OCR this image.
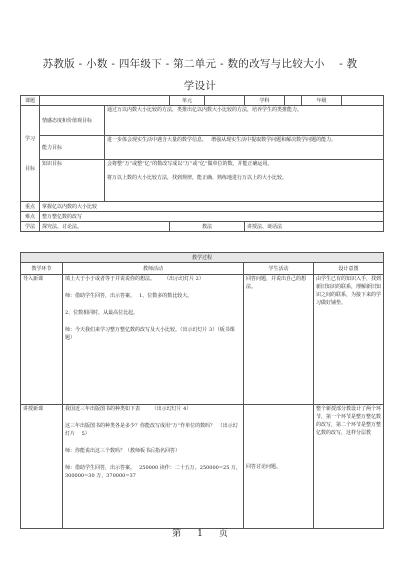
苏教版 - 小数 - 四年级下 - 第二单元 - 数的改写与比较大小　 - 教
学设计
课题			单元		学科		年级	

学习

目标	情感态度和价值观目标	通过万以内数大小比较的方法，类推出亿以内数大小比较的方法，培养学生的类推能力。						
	能力目标	进一步体会现实生活中遇含大量的数学信息，　 增强从现实生活中提取数学问题和解决数学问题的能力。						
	知识目标	会将整“万”或整“亿”的数改写成以“万”或“亿”做单位的数。并能正确运用。

将万以上数的大小比较方法，找到规律，能正确、熟练地进行万以上的大小比较。						

重点	掌握亿以内数的大小比较							
难点	整万整亿数的改写							
学法	探究法、讨论法。		教法		讲授法、谈话法			
教学过程			
教学环节	教师活动	学生活动	设计意图
导入新课	填上大于小于或者等于并说说你的想法。　　 （出示幻灯片 2）

师：借助学生回答，出示答案。　 1、位数多的数比较大。

2、位数相同时，从最高位比起。

师：今天我们来学习整万整亿数的改写及大小比较。（出示幻灯片 3）（板书课题）	回答问题，并说出自己的想法。	由学生已有的知识入手，找到新旧知识的联系，理解新旧知识之间的联系，为接下来的学习做好铺垫。
讲授新课	我国近三年出版图书的种类如下表　　 （出示幻灯片 4）

这三年出版图书的种类各是多少？你能改写成用“万”作单位的数吗？　（出示幻灯片　 5）

师：你能说出这三个数吗？（教师板书后指名回答）

师：借助学生回答，出示答案。　 250000 读作：二十五万。250000=25 万，300000=30 万，370000=37	回答讨论问题。	整个新授部分教设计了两个环节，第一个环节是整万整亿数的改写，第二个环节是整万整亿数的改写，这样分层教
第 1 页
